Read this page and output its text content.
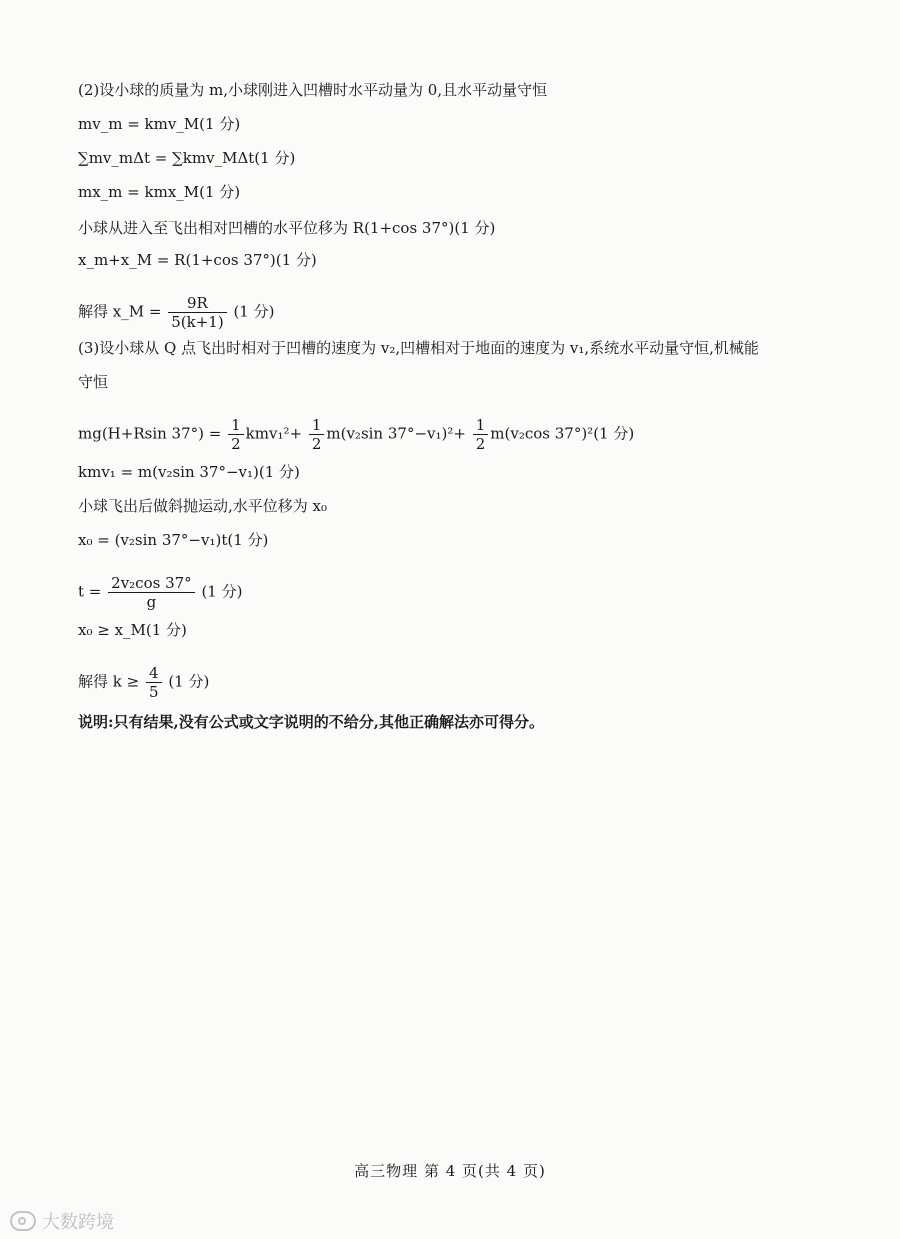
(2)设小球的质量为 m,小球刚进入凹槽时水平动量为 0,且水平动量守恒
mv_m = kmv_M(1 分)
∑mv_mΔt = ∑kmv_MΔt(1 分)
mx_m = kmx_M(1 分)
小球从进入至飞出相对凹槽的水平位移为 R(1+cos 37°)(1 分)
x_m+x_M = R(1+cos 37°)(1 分)
解得 x_M = $\frac{9R}{5(k+1)} (1$ 分)
(3)设小球从 Q 点飞出时相对于凹槽的速度为 v₂,凹槽相对于地面的速度为 v₁,系统水平动量守恒,机械能
守恒
mg(H+Rsin $37^\circ) = \frac{1}{2} kmv_1^2+ \frac{1}{2} m(v_2\sin$ $37^\circ-v_1)^2+ \frac{1}{2} m(v_2\cos$ 37°)²(1 分)
kmv₁ = m(v₂sin 37°−v₁)(1 分)
小球飞出后做斜抛运动,水平位移为 x₀
x₀ = (v₂sin 37°−v₁)t(1 分)
$t = \frac{\text{2v₂cos 37°}}{g} (1$ 分)
x₀ ≥ x_M(1 分)
解得 $k \ge \frac{4}{5} (1$ 分)
说明:只有结果,没有公式或文字说明的不给分,其他正确解法亦可得分。
高三物理 第 4 页(共 4 页)
大数跨境
